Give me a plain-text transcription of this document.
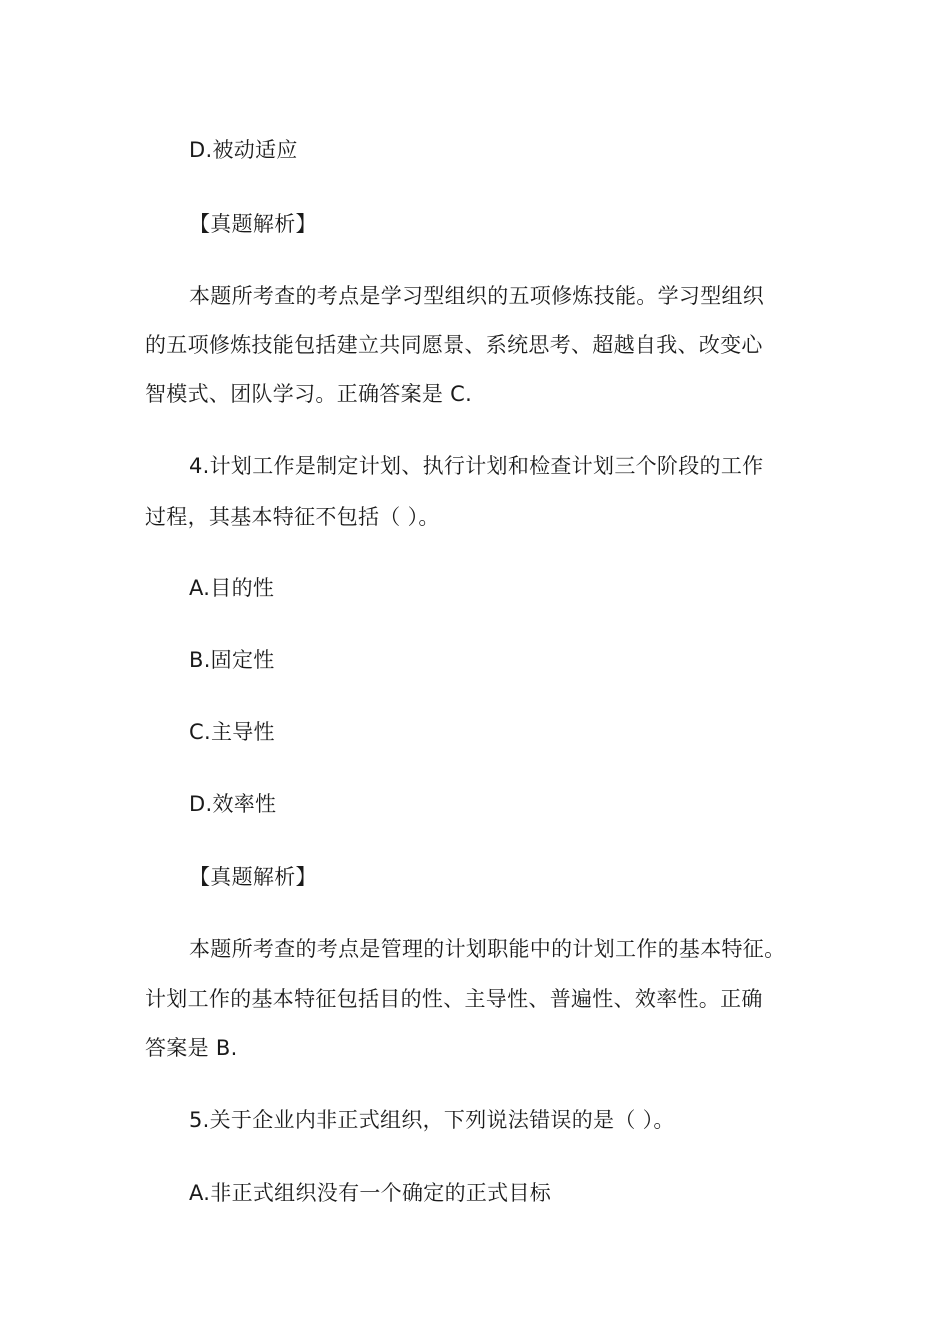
D.被动适应
【真题解析】
本题所考查的考点是学习型组织的五项修炼技能。学习型组织
的五项修炼技能包括建立共同愿景、系统思考、超越自我、改变心
智模式、团队学习。正确答案是 C.
4.计划工作是制定计划、执行计划和检查计划三个阶段的工作
过程，其基本特征不包括（ ）。
A.目的性
B.固定性
C.主导性
D.效率性
【真题解析】
本题所考查的考点是管理的计划职能中的计划工作的基本特征。
计划工作的基本特征包括目的性、主导性、普遍性、效率性。正确
答案是 B.
5.关于企业内非正式组织，下列说法错误的是（ ）。
A.非正式组织没有一个确定的正式目标
